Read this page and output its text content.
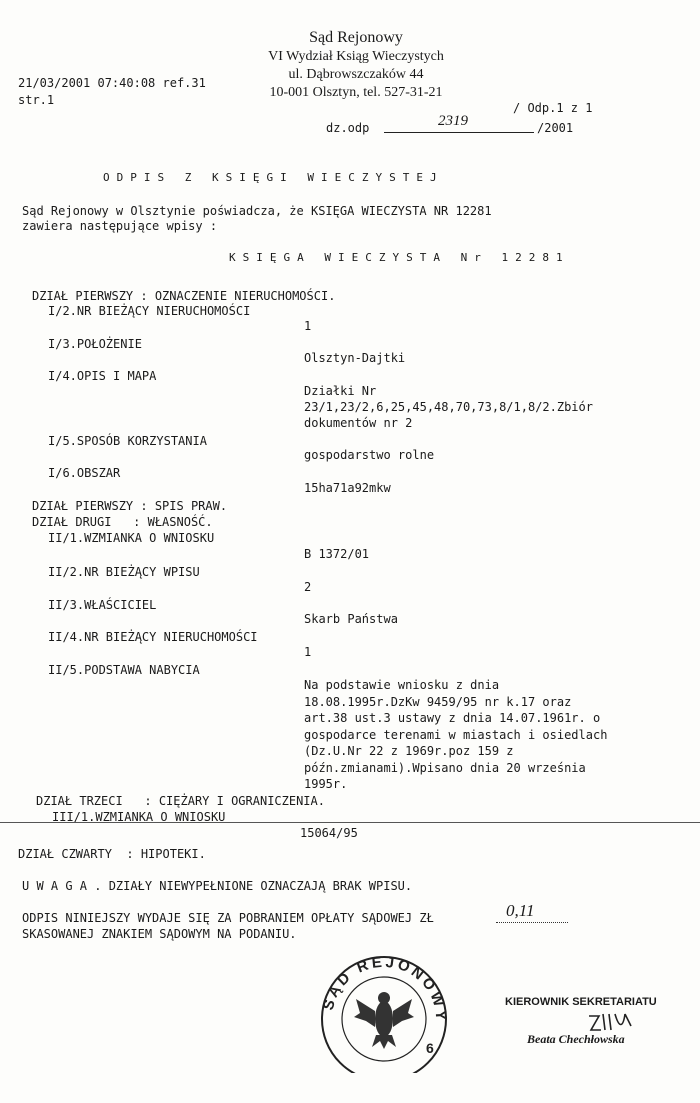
Sąd Rejonowy
VI Wydział Ksiąg Wieczystych
ul. Dąbrowszczaków 44
10-001 Olsztyn, tel. 527-31-21
21/03/2001 07:40:08 ref.31
str.1
/ Odp.1 z 1
dz.odp	2319	/2001
ODPIS Z KSIĘGI WIECZYSTEJ
Sąd Rejonowy w Olsztynie poświadcza, że KSIĘGA WIECZYSTA NR 12281
zawiera następujące wpisy :
KSIĘGA WIECZYSTA Nr 12281
DZIAŁ PIERWSZY : OZNACZENIE NIERUCHOMOŚCI.
I/2.NR BIEŻĄCY NIERUCHOMOŚCI
1
I/3.POŁOŻENIE
Olsztyn-Dajtki
I/4.OPIS I MAPA
Działki Nr
23/1,23/2,6,25,45,48,70,73,8/1,8/2.Zbiór
dokumentów nr 2
I/5.SPOSÓB KORZYSTANIA
gospodarstwo rolne
I/6.OBSZAR
15ha71a92mkw
DZIAŁ PIERWSZY : SPIS PRAW.
DZIAŁ DRUGI   : WŁASNOŚĆ.
II/1.WZMIANKA O WNIOSKU
B 1372/01
II/2.NR BIEŻĄCY WPISU
2
II/3.WŁAŚCICIEL
Skarb Państwa
II/4.NR BIEŻĄCY NIERUCHOMOŚCI
1
II/5.PODSTAWA NABYCIA
Na podstawie wniosku z dnia
18.08.1995r.DzKw 9459/95 nr k.17 oraz
art.38 ust.3 ustawy z dnia 14.07.1961r. o
gospodarce terenami w miastach i osiedlach
(Dz.U.Nr 22 z 1969r.poz 159 z
późn.zmianami).Wpisano dnia 20 września
1995r.
DZIAŁ TRZECI   : CIĘŻARY I OGRANICZENIA.
III/1.WZMIANKA O WNIOSKU
15064/95
DZIAŁ CZWARTY  : HIPOTEKI.
U W A G A . DZIAŁY NIEWYPEŁNIONE OZNACZAJĄ BRAK WPISU.
ODPIS NINIEJSZY WYDAJE SIĘ ZA POBRANIEM OPŁATY SĄDOWEJ ZŁ	0,11
SKASOWANEJ ZNAKIEM SĄDOWYM NA PODANIU.
SĄD REJONOWY
6
KIEROWNIK SEKRETARIATU
Beata Chechłowska
